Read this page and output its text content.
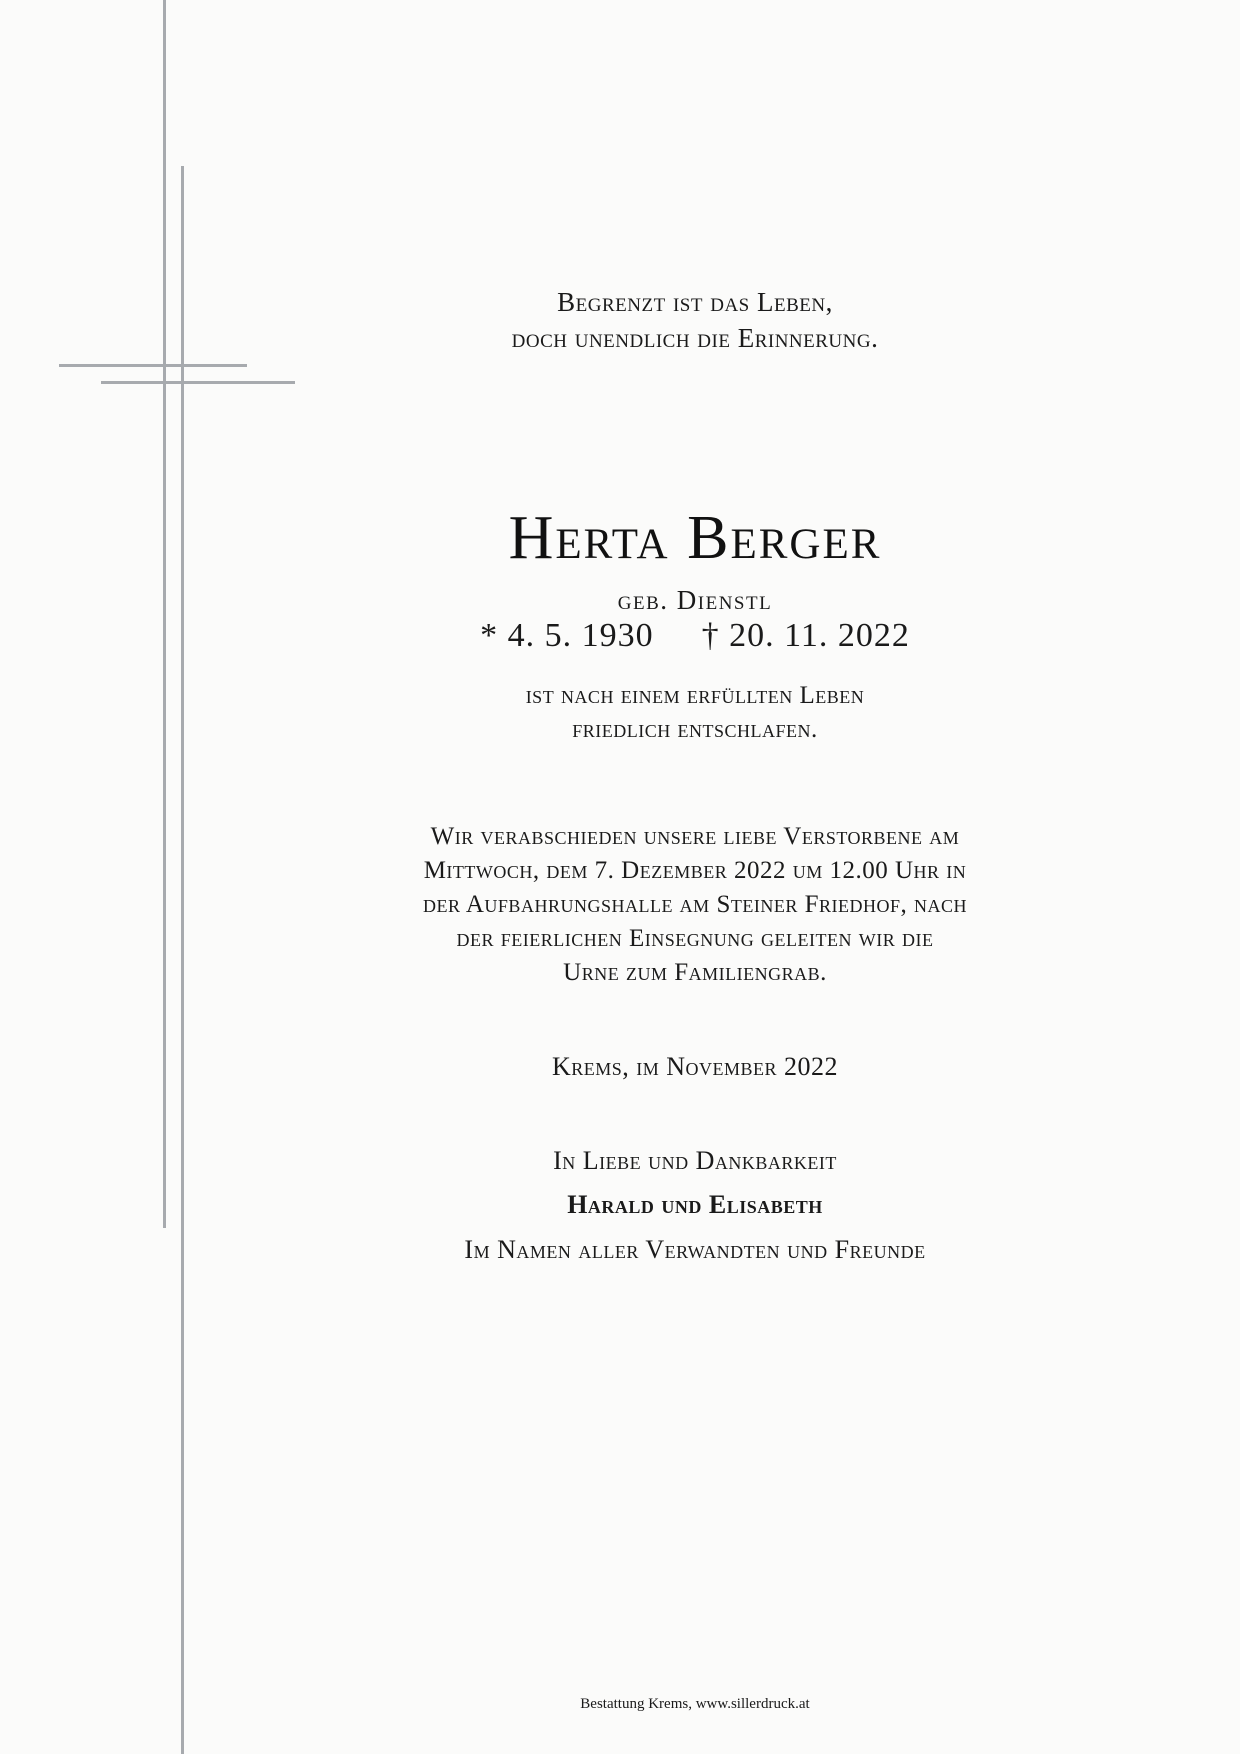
Begrenzt ist das Leben,
doch unendlich die Erinnerung.
Herta Berger
geb. Dienstl
* 4. 5. 1930 † 20. 11. 2022
ist nach einem erfüllten Leben
friedlich entschlafen.
Wir verabschieden unsere liebe Verstorbene am
Mittwoch, dem 7. Dezember 2022 um 12.00 Uhr in
der Aufbahrungshalle am Steiner Friedhof, nach
der feierlichen Einsegnung geleiten wir die
Urne zum Familiengrab.
Krems, im November 2022
In Liebe und Dankbarkeit
Harald und Elisabeth
Im Namen aller Verwandten und Freunde
Bestattung Krems, www.sillerdruck.at
